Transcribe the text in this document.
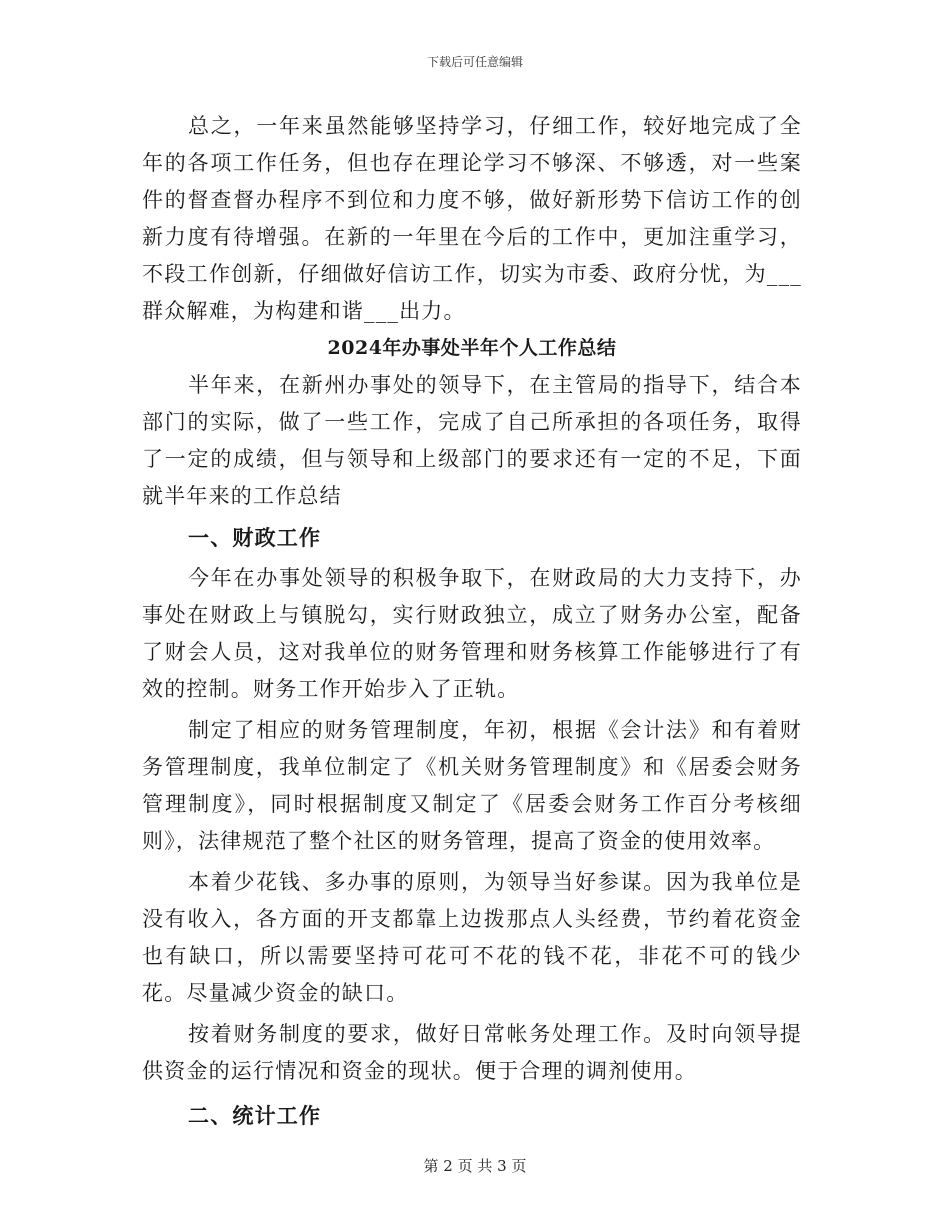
下载后可任意编辑

总之，一年来虽然能够坚持学习，仔细工作，较好地完成了全年的各项工作任务，但也存在理论学习不够深、不够透，对一些案件的督查督办程序不到位和力度不够，做好新形势下信访工作的创新力度有待增强。在新的一年里在今后的工作中，更加注重学习，不段工作创新，仔细做好信访工作，切实为市委、政府分忧，为___群众解难，为构建和谐___出力。

2024年办事处半年个人工作总结

半年来，在新州办事处的领导下，在主管局的指导下，结合本部门的实际，做了一些工作，完成了自己所承担的各项任务，取得了一定的成绩，但与领导和上级部门的要求还有一定的不足，下面就半年来的工作总结

一、财政工作

今年在办事处领导的积极争取下，在财政局的大力支持下，办事处在财政上与镇脱勾，实行财政独立，成立了财务办公室，配备了财会人员，这对我单位的财务管理和财务核算工作能够进行了有效的控制。财务工作开始步入了正轨。

制定了相应的财务管理制度，年初，根据《会计法》和有着财务管理制度，我单位制定了《机关财务管理制度》和《居委会财务管理制度》，同时根据制度又制定了《居委会财务工作百分考核细则》，法律规范了整个社区的财务管理，提高了资金的使用效率。

本着少花钱、多办事的原则，为领导当好参谋。因为我单位是没有收入，各方面的开支都靠上边拨那点人头经费，节约着花资金也有缺口，所以需要坚持可花可不花的钱不花，非花不可的钱少花。尽量减少资金的缺口。

按着财务制度的要求，做好日常帐务处理工作。及时向领导提供资金的运行情况和资金的现状。便于合理的调剂使用。

二、统计工作

第 2 页 共 3 页
